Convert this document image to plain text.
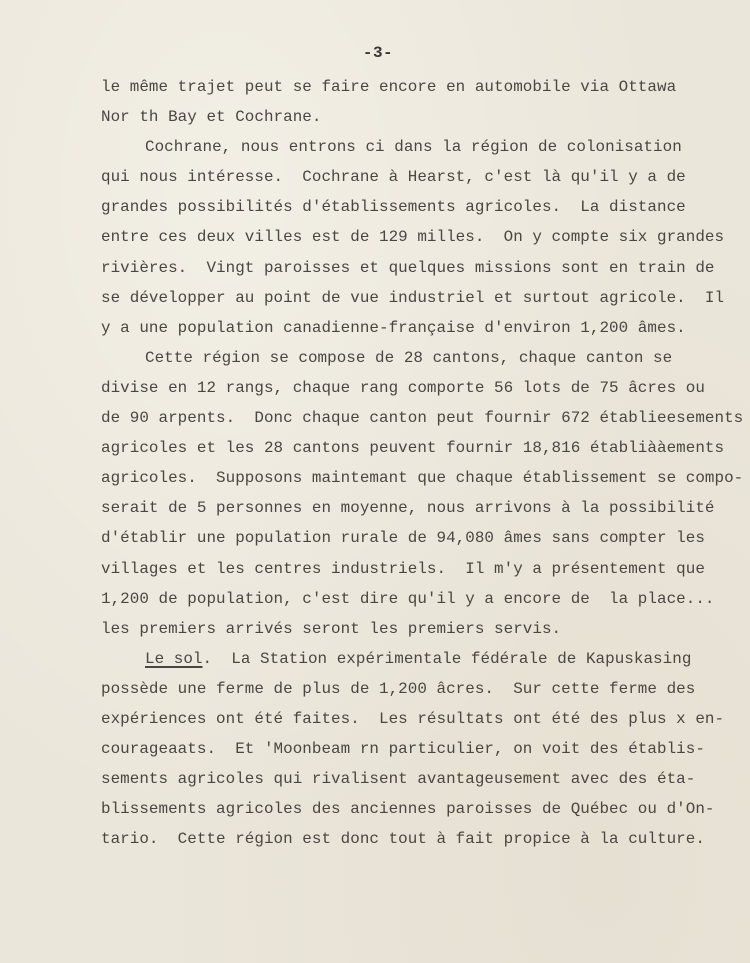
-3-
le même trajet peut se faire encore en automobile via Ottawa
Nor th Bay et Cochrane.
Cochrane, nous entrons ci dans la région de colonisation
qui nous intéresse.  Cochrane à Hearst, c'est là qu'il y a de
grandes possibilités d'établissements agricoles.  La distance
entre ces deux villes est de 129 milles.  On y compte six grandes
rivières.  Vingt paroisses et quelques missions sont en train de
se développer au point de vue industriel et surtout agricole.  Il
y a une population canadienne-française d'environ 1,200 âmes.
Cette région se compose de 28 cantons, chaque canton se
divise en 12 rangs, chaque rang comporte 56 lots de 75 âcres ou
de 90 arpents.  Donc chaque canton peut fournir 672 établieesements
agricoles et les 28 cantons peuvent fournir 18,816 établiààements
agricoles.  Supposons maintemant que chaque établissement se compo-
serait de 5 personnes en moyenne, nous arrivons à la possibilité
d'établir une population rurale de 94,080 âmes sans compter les
villages et les centres industriels.  Il m'y a présentement que
1,200 de population, c'est dire qu'il y a encore de  la place...
les premiers arrivés seront les premiers servis.
Le sol.  La Station expérimentale fédérale de Kapuskasing
possède une ferme de plus de 1,200 âcres.  Sur cette ferme des
expériences ont été faites.  Les résultats ont été des plus x en-
courageaats.  Et 'Moonbeam rn particulier, on voit des établis-
sements agricoles qui rivalisent avantageusement avec des éta-
blissements agricoles des anciennes paroisses de Québec ou d'On-
tario.  Cette région est donc tout à fait propice à la culture.
